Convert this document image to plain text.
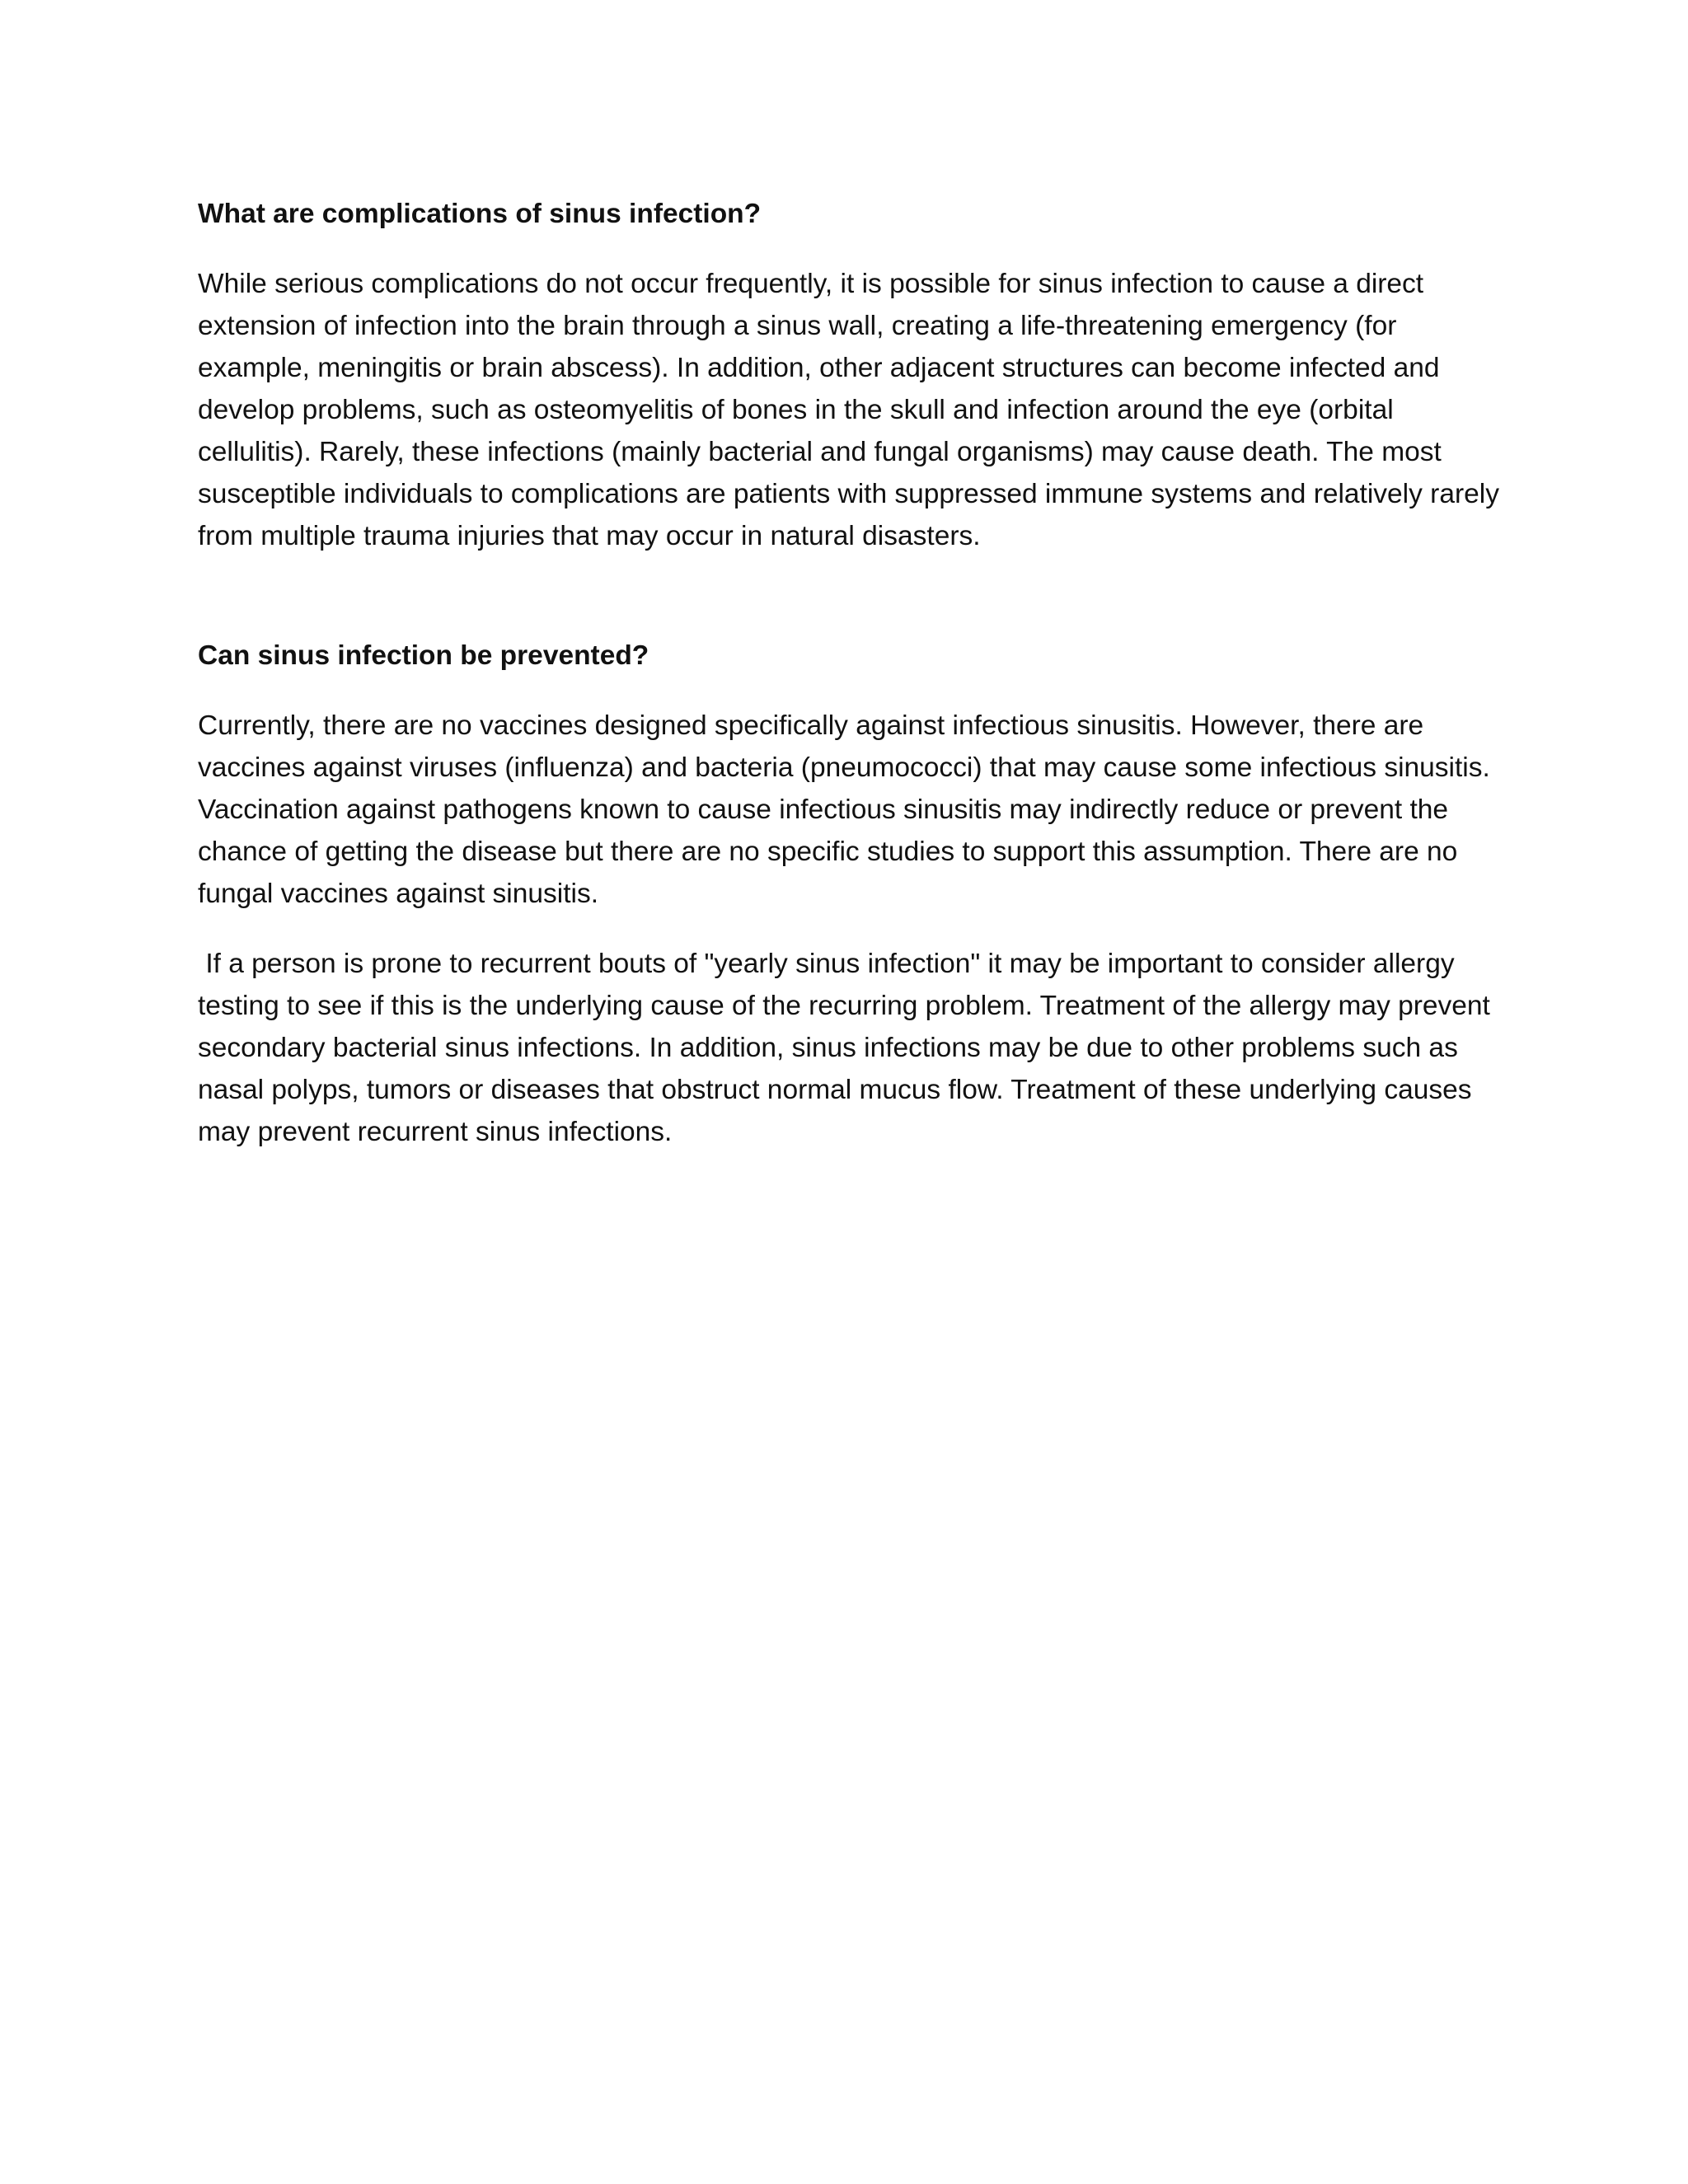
What are complications of sinus infection?

While serious complications do not occur frequently, it is possible for sinus infection to cause a direct extension of infection into the brain through a sinus wall, creating a life-threatening emergency (for example, meningitis or brain abscess). In addition, other adjacent structures can become infected and develop problems, such as osteomyelitis of bones in the skull and infection around the eye (orbital cellulitis). Rarely, these infections (mainly bacterial and fungal organisms) may cause death. The most susceptible individuals to complications are patients with suppressed immune systems and relatively rarely from multiple trauma injuries that may occur in natural disasters.

Can sinus infection be prevented?

Currently, there are no vaccines designed specifically against infectious sinusitis. However, there are vaccines against viruses (influenza) and bacteria (pneumococci) that may cause some infectious sinusitis. Vaccination against pathogens known to cause infectious sinusitis may indirectly reduce or prevent the chance of getting the disease but there are no specific studies to support this assumption. There are no fungal vaccines against sinusitis.

If a person is prone to recurrent bouts of "yearly sinus infection" it may be important to consider allergy testing to see if this is the underlying cause of the recurring problem. Treatment of the allergy may prevent secondary bacterial sinus infections. In addition, sinus infections may be due to other problems such as nasal polyps, tumors or diseases that obstruct normal mucus flow. Treatment of these underlying causes may prevent recurrent sinus infections.
